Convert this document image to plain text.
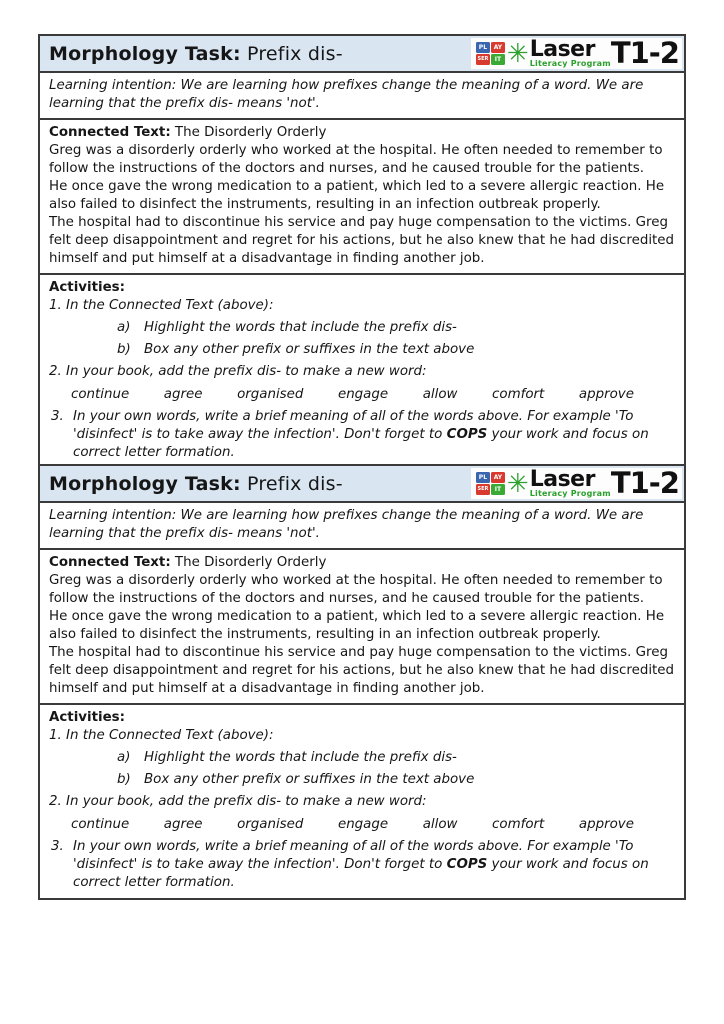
Morphology Task: Prefix dis-	PL	AY
SER	IT ✳ Laser
Literacy Program T1-2
Learning intention: We are learning how prefixes change the meaning of a word. We are learning that the prefix dis- means 'not'.
Connected Text: The Disorderly Orderly
Greg was a disorderly orderly who worked at the hospital. He often needed to remember to follow the instructions of the doctors and nurses, and he caused trouble for the patients.
He once gave the wrong medication to a patient, which led to a severe allergic reaction. He also failed to disinfect the instruments, resulting in an infection outbreak properly.
The hospital had to discontinue his service and pay huge compensation to the victims. Greg felt deep disappointment and regret for his actions, but he also knew that he had discredited himself and put himself at a disadvantage in finding another job.
Activities:
1. In the Connected Text (above):
a)	Highlight the words that include the prefix dis-
b) Box any other prefix or suffixes in the text above
2. In your book, add the prefix dis- to make a new word:
continue	agree	organised	engage	allow	comfort	approve
3. In your own words, write a brief meaning of all of the words above. For example 'To 'disinfect' is to take away the infection'. Don't forget to COPS your work and focus on correct letter formation.
Morphology Task: Prefix dis-	PL	AY
SER	IT ✳ Laser
Literacy Program T1-2
Learning intention: We are learning how prefixes change the meaning of a word. We are learning that the prefix dis- means 'not'.
Connected Text: The Disorderly Orderly
Greg was a disorderly orderly who worked at the hospital. He often needed to remember to follow the instructions of the doctors and nurses, and he caused trouble for the patients.
He once gave the wrong medication to a patient, which led to a severe allergic reaction. He also failed to disinfect the instruments, resulting in an infection outbreak properly.
The hospital had to discontinue his service and pay huge compensation to the victims. Greg felt deep disappointment and regret for his actions, but he also knew that he had discredited himself and put himself at a disadvantage in finding another job.
Activities:
1. In the Connected Text (above):
a)	Highlight the words that include the prefix dis-
b) Box any other prefix or suffixes in the text above
2. In your book, add the prefix dis- to make a new word:
continue	agree	organised	engage	allow	comfort	approve
3. In your own words, write a brief meaning of all of the words above. For example 'To 'disinfect' is to take away the infection'. Don't forget to COPS your work and focus on correct letter formation.
